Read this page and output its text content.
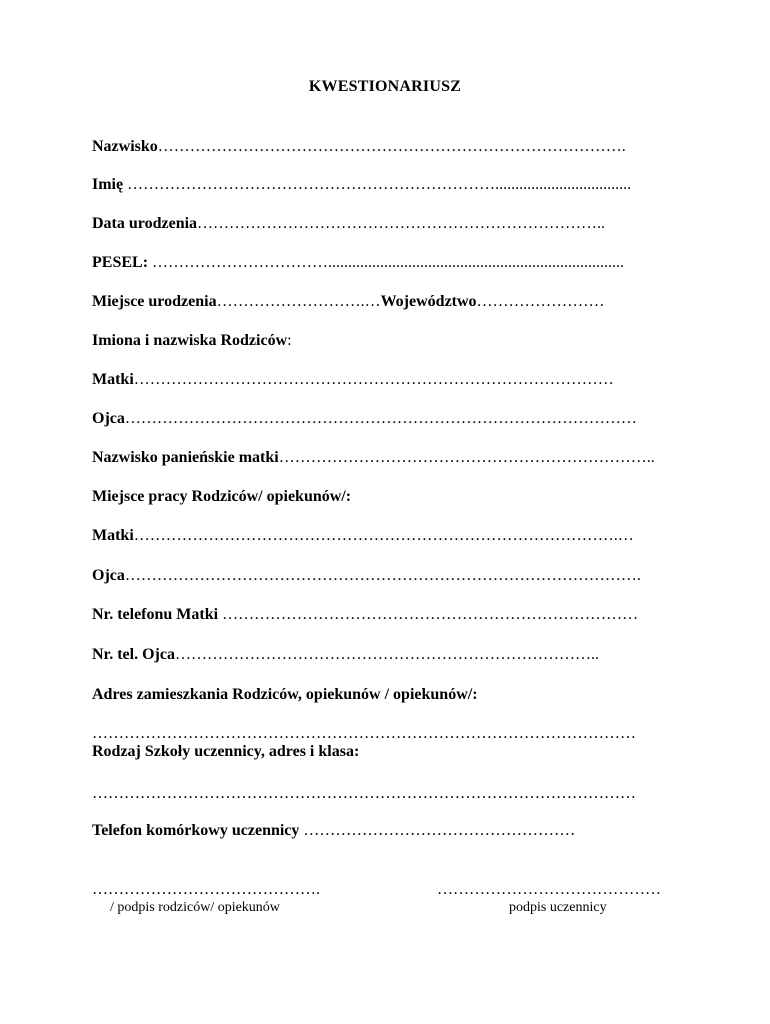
KWESTIONARIUSZ
Nazwisko…………………………………………………………………………….
Imię ……………………………………………………………..................................
Data urodzenia…………………………………………………………………..
PESEL: ……………………………..........................................................................
Miejsce urodzenia……………………….…Województwo……………………
Imiona i nazwiska Rodziców:
Matki………………………………………………………………………………
Ojca……………………………………………………………………………………
Nazwisko panieńskie matki……………………………………………………………..
Miejsce pracy Rodziców/ opiekunów/:
Matki……………………………………………………………………………….…
Ojca…………………………………………………………………………………….
Nr. telefonu Matki ……………………………………………………………………
Nr. tel. Ojca……………………………………………………………………..
Adres zamieszkania Rodziców, opiekunów / opiekunów/:
…………………………………………………………………………………………
Rodzaj Szkoły uczennicy, adres i klasa:
…………………………………………………………………………………………
Telefon komórkowy uczennicy ……………………………………………
…………………………………….
/ podpis rodziców/ opiekunów
……………………………………
podpis uczennicy
